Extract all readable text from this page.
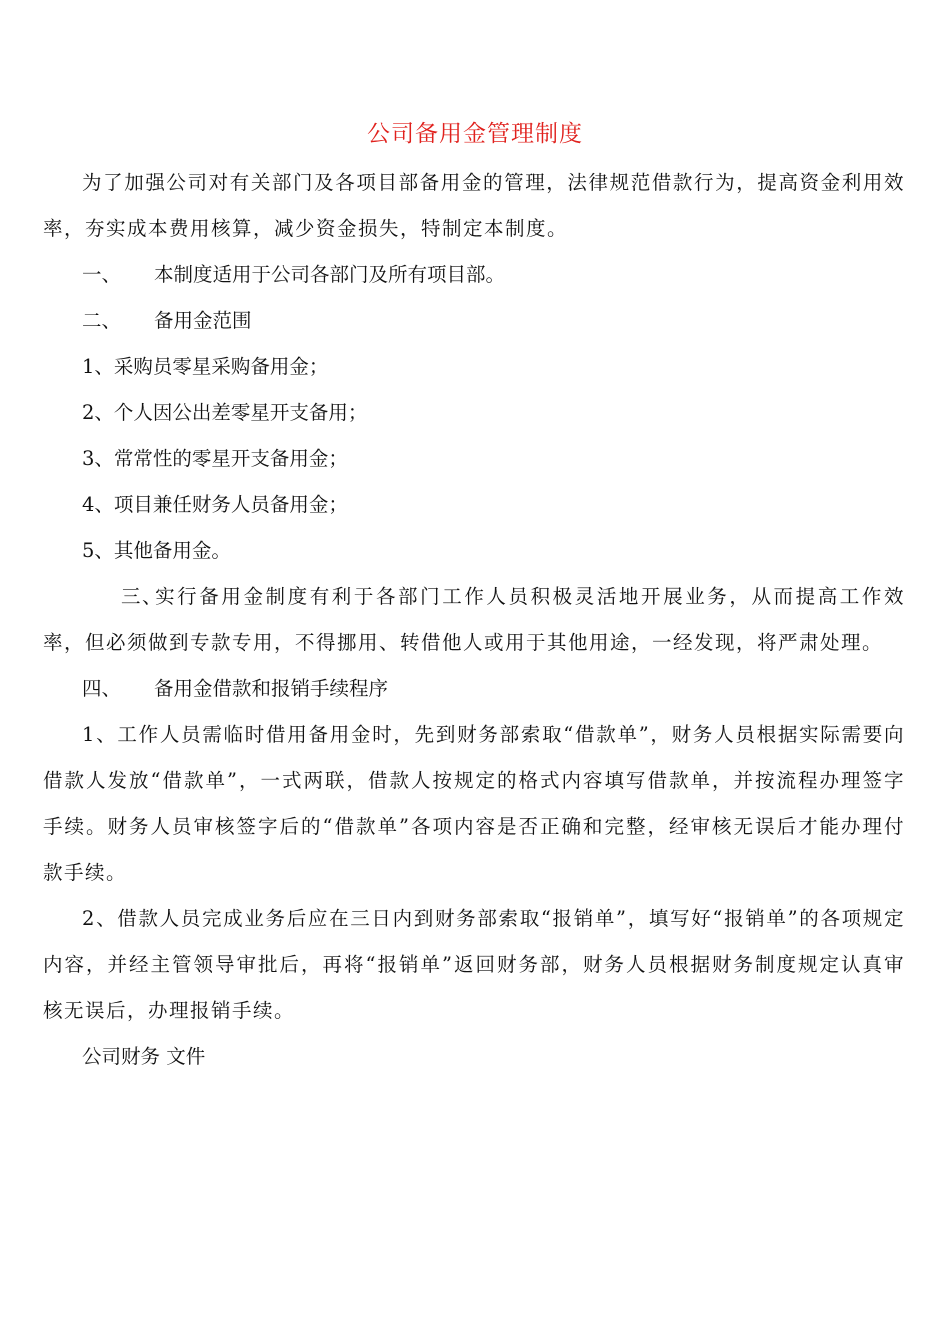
公司备用金管理制度

为了加强公司对有关部门及各项目部备用金的管理，法律规范借款行为，提高资金利用效率，夯实成本费用核算，减少资金损失，特制定本制度。

一、 本制度适用于公司各部门及所有项目部。

二、 备用金范围

1、采购员零星采购备用金；

2、个人因公出差零星开支备用；

3、常常性的零星开支备用金；

4、项目兼任财务人员备用金；

5、其他备用金。

三、实行备用金制度有利于各部门工作人员积极灵活地开展业务，从而提高工作效率，但必须做到专款专用，不得挪用、转借他人或用于其他用途，一经发现，将严肃处理。

四、 备用金借款和报销手续程序

1、工作人员需临时借用备用金时，先到财务部索取“借款单”，财务人员根据实际需要向借款人发放“借款单”，一式两联，借款人按规定的格式内容填写借款单，并按流程办理签字手续。财务人员审核签字后的“借款单”各项内容是否正确和完整，经审核无误后才能办理付款手续。

2、借款人员完成业务后应在三日内到财务部索取“报销单”，填写好“报销单”的各项规定内容，并经主管领导审批后，再将“报销单”返回财务部，财务人员根据财务制度规定认真审核无误后，办理报销手续。

公司财务 文件
